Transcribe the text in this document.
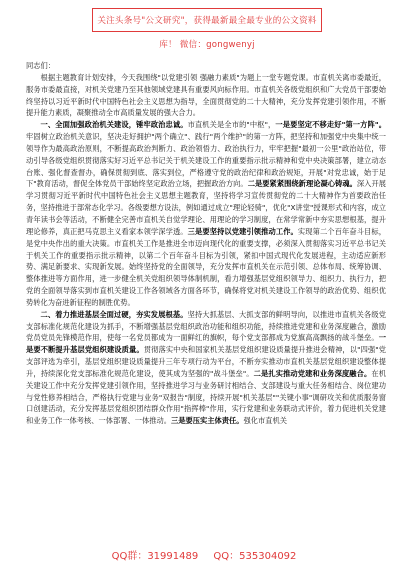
关注头条号"公文研究"，获得最新最全最专业的公文资料库！ 微信：gongwenyj

同志们：

根据主题教育计划安排，今天我围绕"以党建引领 强融力素质"为题上一堂专题党课。市直机关离市委最近，服务市委最直接，对机关党建乃至其他领域党建具有重要风向标作用。市直机关各级党组织和广大党员干部要始终坚持以习近平新时代中国特色社会主义思想为指导，全面贯彻党的二十大精神，充分发挥党建引领作用，不断提升能力素质，凝聚推动全市高质量发展的强大合力。

一、全面加强政治机关建设，锤牢政治忠诚。市直机关是全市的"中枢"，一是要坚定不移走好"第一方阵"。牢固树立政治机关意识，坚决走好拥护"两个确立"、践行"两个维护"的第一方阵，把坚持和加强党中央集中统一领导作为最高政治原则，不断提高政治判断力、政治领悟力、政治执行力，牢牢把握"最初一公里"政治站位，带动引导各级党组织贯彻落实好习近平总书记关于机关建设工作的重要指示批示精神和党中央决策部署，建立动态台账、强化督查督办，确保贯彻到底、落实到位，严格遵守党的政治纪律和政治规矩，开展"对党忠诚，始于足下"教育活动，督促全体党员干部始终坚定政治立场，把握政治方向。二是要紧紧围绕新理论凝心铸魂。深入开展学习贯彻习近平新时代中国特色社会主义思想主题教育，坚持将学习宣传贯彻党的二十大精神作为首要政治任务，坚持推进于部常态化学习。各级要想方设法，例如通过成立"理论轻骑"，优化"X讲堂"授课形式和内容，成立青年读书会等活动，不断健全完善市直机关自觉学理论、用理论的学习制度，在常学常新中夯实思想根基，提升理论修养，真正把马克思主义看家本领学深学透。三是要坚持以党建引领推动工作。实现第二个百年奋斗目标，是党中央作出的重大决策。市直机关工作是推进全市迈向现代化的重要支撑，必须深入贯彻落实习近平总书记关于机关工作的重要指示批示精神，以第二个百年奋斗目标为引领，紧扣中国式现代化发展进程，主动适应新形势、满足新要求、实现新发展。始终坚持党的全面领导，充分发挥市直机关在示范引领、总体布局、统筹协调、整体推进等方面作用，进一步健全机关党组织领导体制机制，看力增强基层党组织领导力、组织力、执行力，把党的全面领导落实到市直机关建设工作各领域各方面各环节，确保将党对机关建设工作领导的政治优势、组织优势转化为奋进新征程的制胜优势。

二、着力推进基层全面过硬，夯实发展根基。坚持大抓基层、大抓支部的鲜明导向，以推进市直机关各级党支部标准化规范化建设为抓手，不断增强基层党组织政治功能和组织功能，持续推进党建和业务深度融合，激励党员党员先锋模范作用，使每一名党员都成为一面鲜红的旗帜，每个党支部都成为党旗高高飘扬的战斗堡垒。一是要不断提升基层党组织建设质量。贯彻落实中央和国家机关基层党组织建设质量提升推进会精神，以"四强"党支部评选为牵引，基层党组织建设质量提升三年专项行动为平台，不断夯实推动市直机关基层党组织建设整体提升，持续深化党支部标准化规范化建设，使其成为坚强的"战斗堡垒"。二是扎实推动党建和业务深度融合。在机关建设工作中充分发挥党建引领作用，坚持推进学习与业务研讨相结合、支部建设与重大任务相结合、岗位建功与党性修养相结合，严格执行党建与业务"双报告"制度，持续开展"机关基层""关键小事"调研攻关和优质服务窗口创建活动，充分发挥基层党组织团结群众作用"指挥棒"作用，实行党建和业务联动式评价，着力促进机关党建和业务工作一体考核、一体部署、一体推动。三是要压实主体责任。强化市直机关

QQ群：31991489 QQ：535304092
